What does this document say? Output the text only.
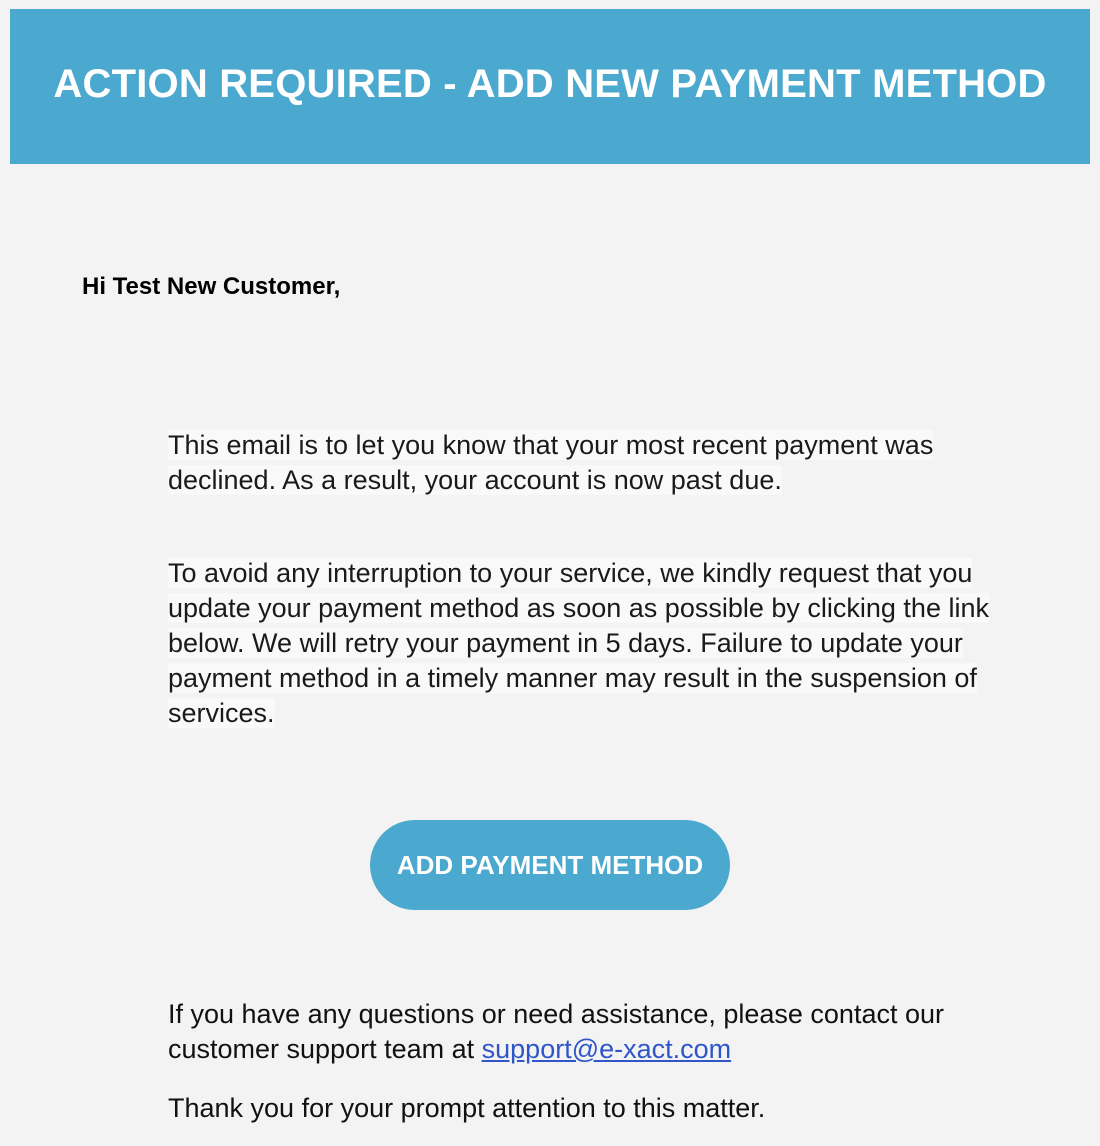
ACTION REQUIRED - ADD NEW PAYMENT METHOD

Hi Test New Customer,

This email is to let you know that your most recent payment was declined. As a result, your account is now past due.

To avoid any interruption to your service, we kindly request that you update your payment method as soon as possible by clicking the link below. We will retry your payment in 5 days. Failure to update your payment method in a timely manner may result in the suspension of services.

ADD PAYMENT METHOD

If you have any questions or need assistance, please contact our customer support team at support@e-xact.com

Thank you for your prompt attention to this matter.
